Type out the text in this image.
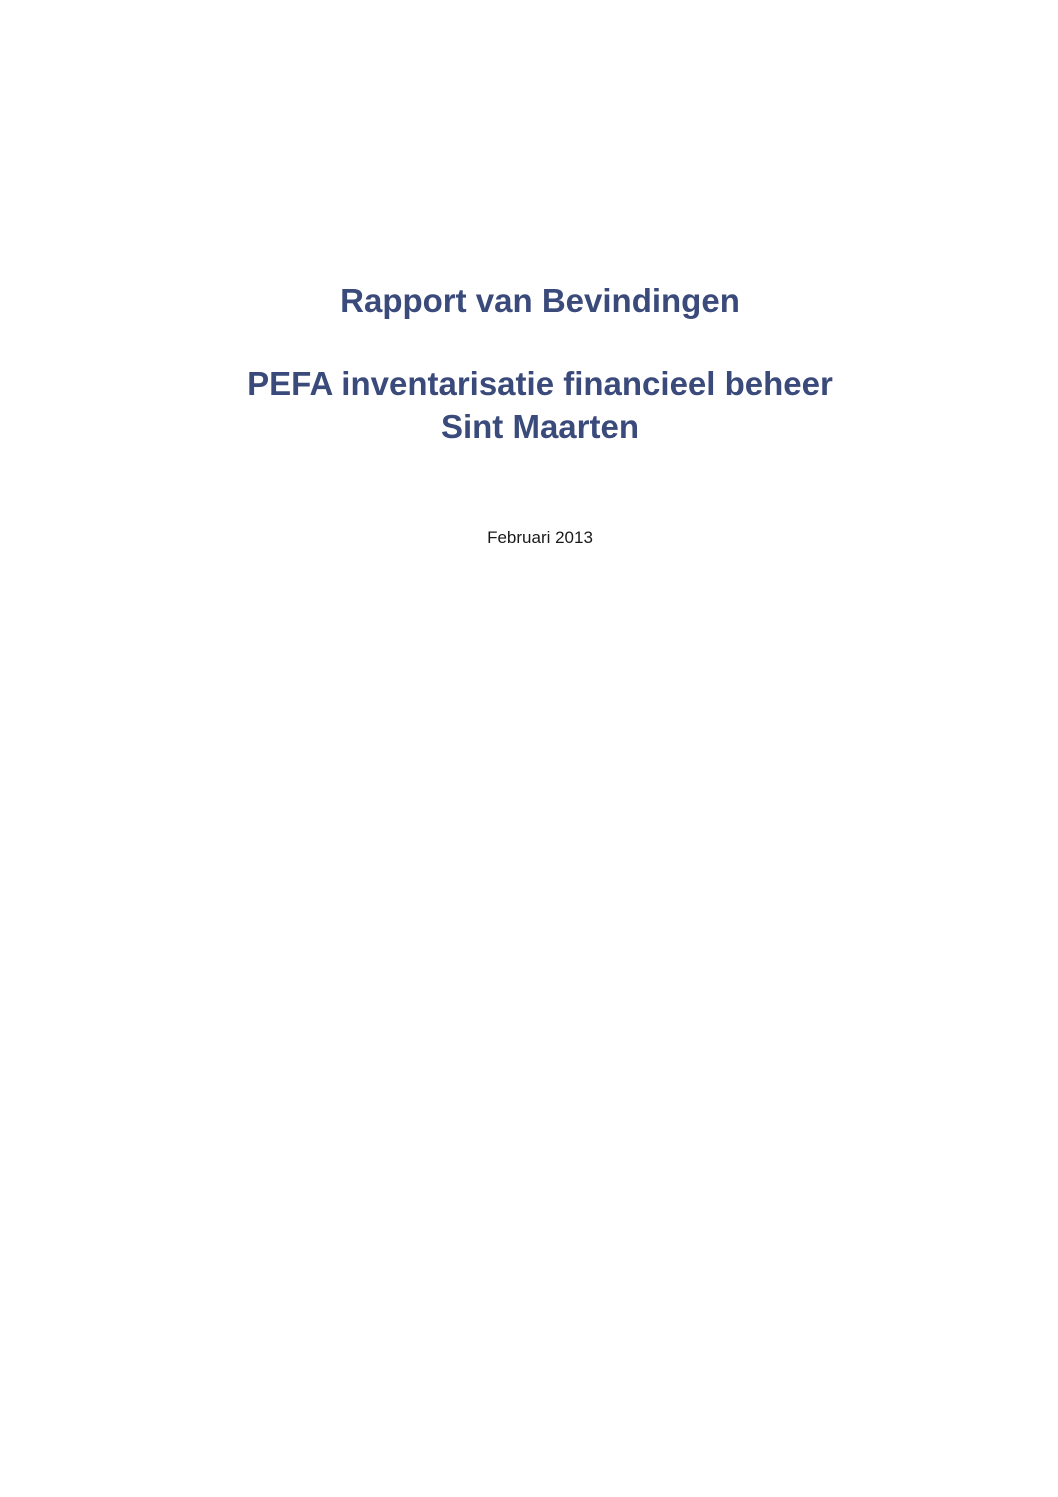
Rapport van Bevindingen
PEFA inventarisatie financieel beheer
Sint Maarten
Februari 2013
